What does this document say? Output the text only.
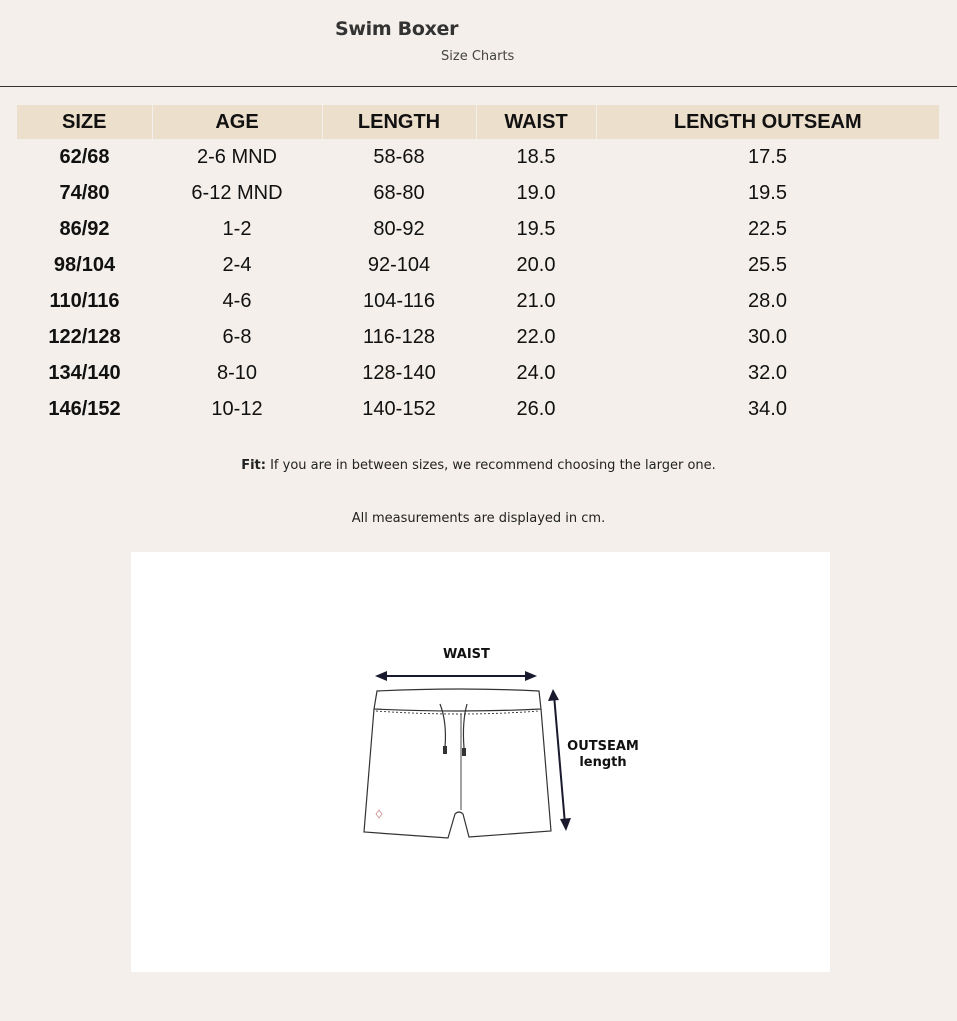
Swim Boxer
Size Charts
SIZE	AGE	LENGTH	WAIST	LENGTH OUTSEAM
62/68	2-6 MND	58-68	18.5	17.5
74/80	6-12 MND	68-80	19.0	19.5
86/92	1-2	80-92	19.5	22.5
98/104	2-4	92-104	20.0	25.5
110/116	4-6	104-116	21.0	28.0
122/128	6-8	116-128	22.0	30.0
134/140	8-10	128-140	24.0	32.0
146/152	10-12	140-152	26.0	34.0
Fit: If you are in between sizes, we recommend choosing the larger one.
All measurements are displayed in cm.
WAIST
OUTSEAM
length
